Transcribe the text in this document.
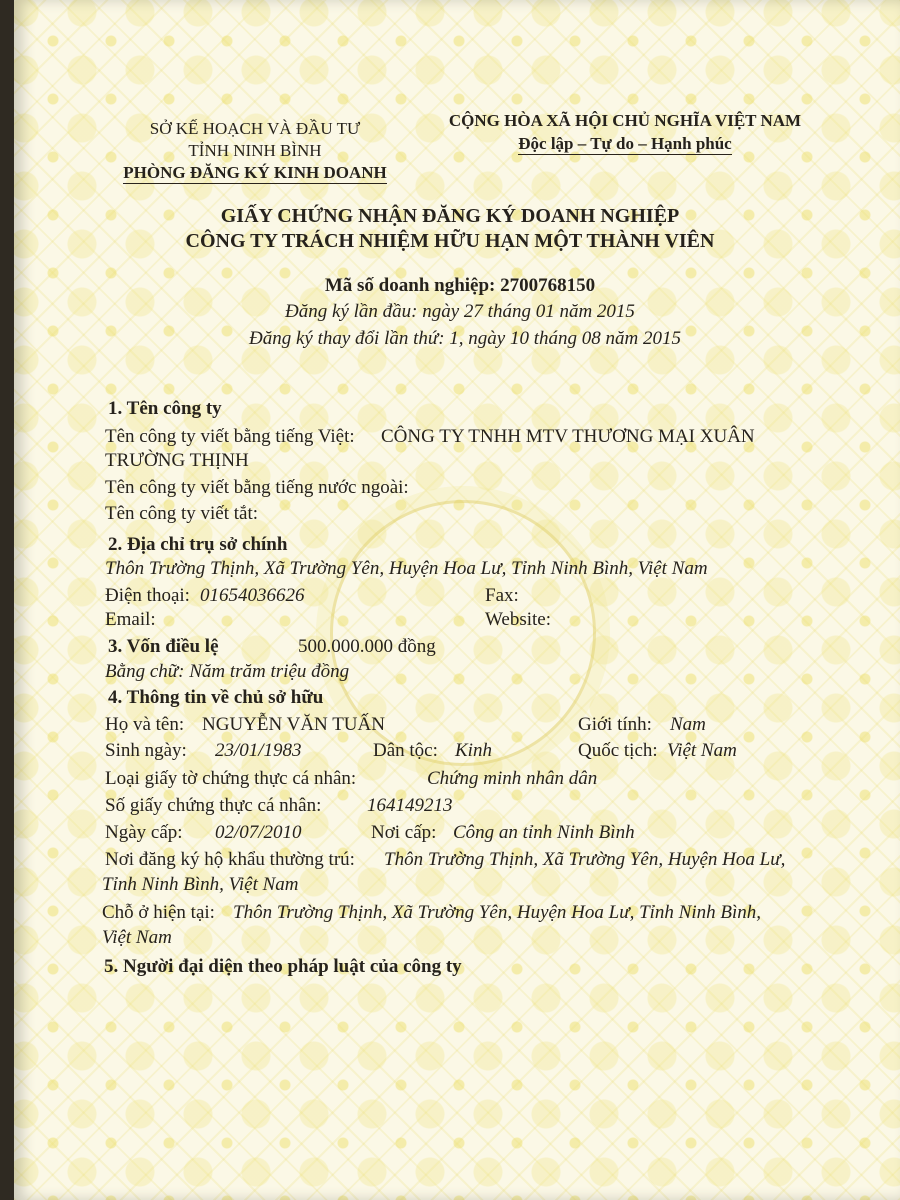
SỞ KẾ HOẠCH VÀ ĐẦU TƯ
TỈNH NINH BÌNH
PHÒNG ĐĂNG KÝ KINH DOANH
CỘNG HÒA XÃ HỘI CHỦ NGHĨA VIỆT NAM
Độc lập – Tự do – Hạnh phúc
GIẤY CHỨNG NHẬN ĐĂNG KÝ DOANH NGHIỆP
CÔNG TY TRÁCH NHIỆM HỮU HẠN MỘT THÀNH VIÊN
Mã số doanh nghiệp: 2700768150
Đăng ký lần đầu: ngày 27 tháng 01 năm 2015
Đăng ký thay đổi lần thứ: 1, ngày 10 tháng 08 năm 2015
1. Tên công ty
Tên công ty viết bằng tiếng Việt: CÔNG TY TNHH MTV THƯƠNG MẠI XUÂN
TRƯỜNG THỊNH
Tên công ty viết bằng tiếng nước ngoài:
Tên công ty viết tắt:
2. Địa chỉ trụ sở chính
Thôn Trường Thịnh, Xã Trường Yên, Huyện Hoa Lư, Tỉnh Ninh Bình, Việt Nam
Điện thoại: 01654036626	Fax:
Email:	Website:
3. Vốn điều lệ	500.000.000 đồng
Bằng chữ: Năm trăm triệu đồng
4. Thông tin về chủ sở hữu
Họ và tên: NGUYỄN VĂN TUẤN	Giới tính: Nam
Sinh ngày: 23/01/1983	Dân tộc: Kinh	Quốc tịch: Việt Nam
Loại giấy tờ chứng thực cá nhân:	Chứng minh nhân dân
Số giấy chứng thực cá nhân: 164149213
Ngày cấp: 02/07/2010	Nơi cấp: Công an tỉnh Ninh Bình
Nơi đăng ký hộ khẩu thường trú: Thôn Trường Thịnh, Xã Trường Yên, Huyện Hoa Lư,
Tỉnh Ninh Bình, Việt Nam
Chỗ ở hiện tại: Thôn Trường Thịnh, Xã Trường Yên, Huyện Hoa Lư, Tỉnh Ninh Bình,
Việt Nam
5. Người đại diện theo pháp luật của công ty
